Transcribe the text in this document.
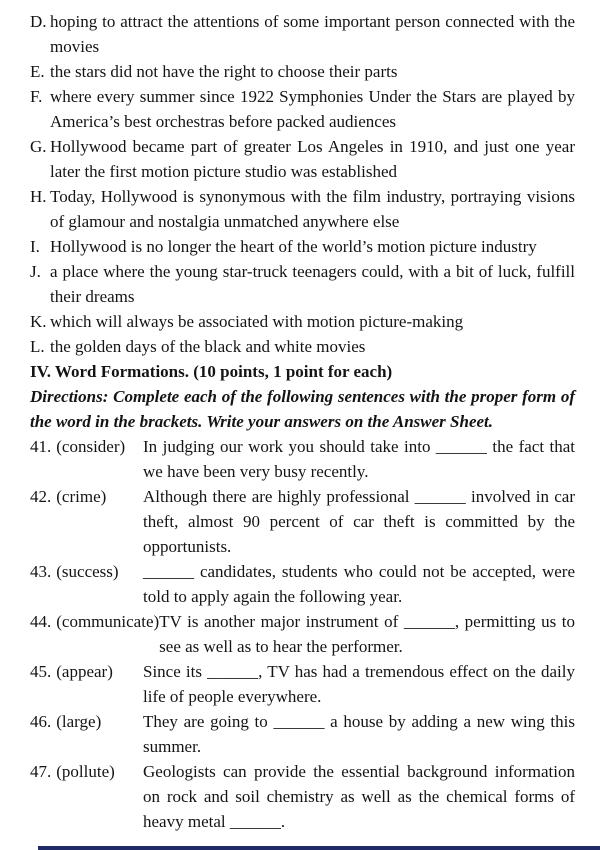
D. hoping to attract the attentions of some important person connected with the movies
E. the stars did not have the right to choose their parts
F. where every summer since 1922 Symphonies Under the Stars are played by America’s best orchestras before packed audiences
G. Hollywood became part of greater Los Angeles in 1910, and just one year later the first motion picture studio was established
H. Today, Hollywood is synonymous with the film industry, portraying visions of glamour and nostalgia unmatched anywhere else
I. Hollywood is no longer the heart of the world’s motion picture industry
J. a place where the young star-truck teenagers could, with a bit of luck, fulfill their dreams
K. which will always be associated with motion picture-making
L. the golden days of the black and white movies
IV. Word Formations. (10 points, 1 point for each)
Directions: Complete each of the following sentences with the proper form of the word in the brackets. Write your answers on the Answer Sheet.
41. (consider)	In judging our work you should take into ______ the fact that we have been very busy recently.
42. (crime)	Although there are highly professional ______ involved in car theft, almost 90 percent of car theft is committed by the opportunists.
43. (success)	______ candidates, students who could not be accepted, were told to apply again the following year.
44. (communicate) TV is another major instrument of ______, permitting us to see as well as to hear the performer.
45. (appear)	Since its ______, TV has had a tremendous effect on the daily life of people everywhere.
46. (large)	They are going to ______ a house by adding a new wing this summer.
47. (pollute)	Geologists can provide the essential background information on rock and soil chemistry as well as the chemical forms of heavy metal ______.
